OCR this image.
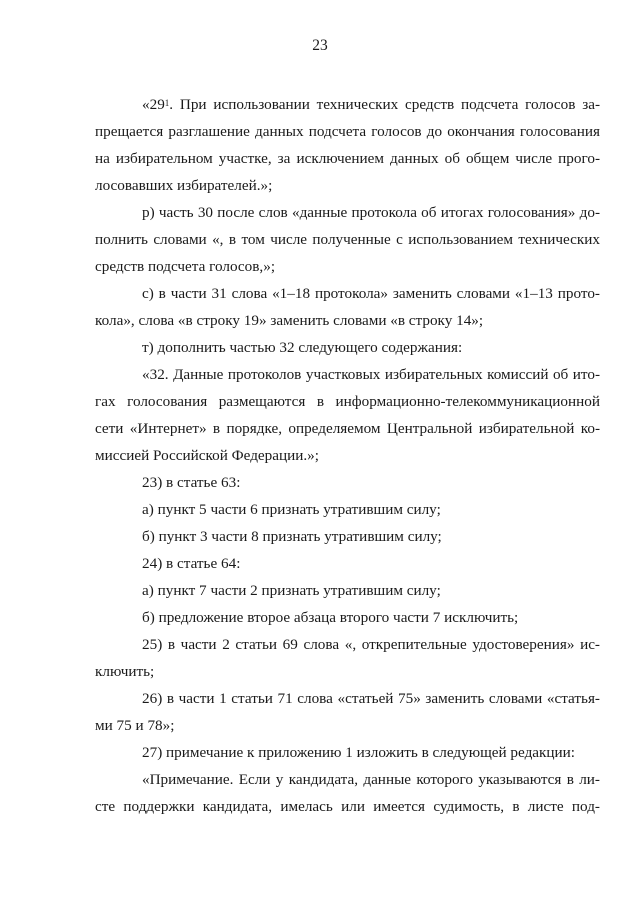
23
«$29^1$. При использовании технических средств подсчета голосов за-
прещается разглашение данных подсчета голосов до окончания голосования
на избирательном участке, за исключением данных об общем числе прого-
лосовавших избирателей.»;
р) часть 30 после слов «данные протокола об итогах голосования» до-
полнить словами «, в том числе полученные с использованием технических
средств подсчета голосов,»;
с) в части 31 слова «1–18 протокола» заменить словами «1–13 прото-
кола», слова «в строку 19» заменить словами «в строку 14»;
т) дополнить частью 32 следующего содержания:
«32. Данные протоколов участковых избирательных комиссий об ито-
гах голосования размещаются в информационно-телекоммуникационной
сети «Интернет» в порядке, определяемом Центральной избирательной ко-
миссией Российской Федерации.»;
23) в статье 63:
а) пункт 5 части 6 признать утратившим силу;
б) пункт 3 части 8 признать утратившим силу;
24) в статье 64:
а) пункт 7 части 2 признать утратившим силу;
б) предложение второе абзаца второго части 7 исключить;
25) в части 2 статьи 69 слова «, открепительные удостоверения» ис-
ключить;
26) в части 1 статьи 71 слова «статьей 75» заменить словами «статья-
ми 75 и 78»;
27) примечание к приложению 1 изложить в следующей редакции:
«Примечание. Если у кандидата, данные которого указываются в ли-
сте поддержки кандидата, имелась или имеется судимость, в листе под-
